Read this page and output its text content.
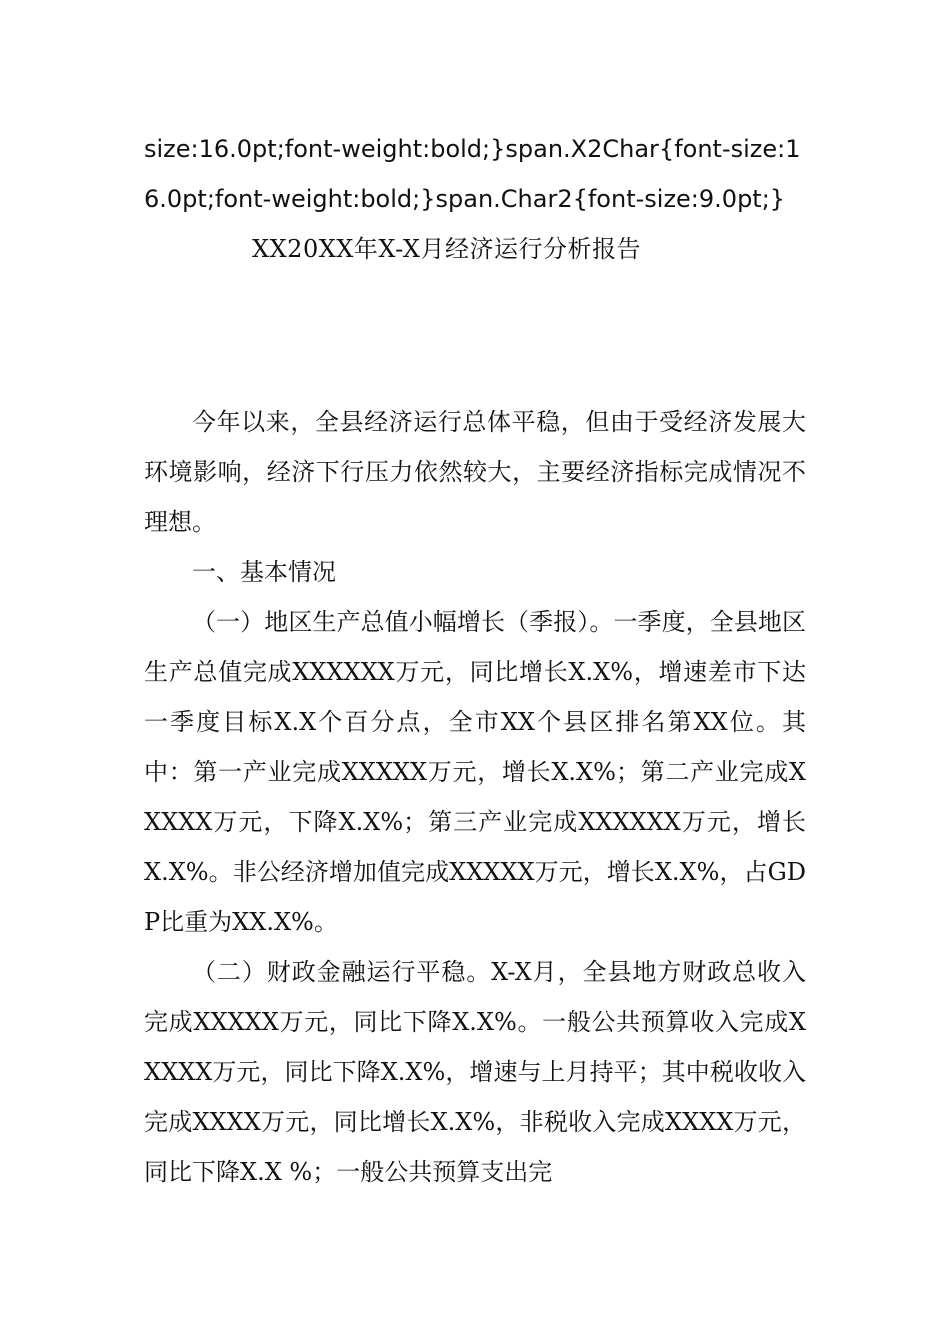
size:16.0pt;font-weight:bold;}span.X2Char{font-size:16.0pt;font-weight:bold;}span.Char2{font-size:9.0pt;}XX20XX年X-X月经济运行分析报告

今年以来，全县经济运行总体平稳，但由于受经济发展大环境影响，经济下行压力依然较大，主要经济指标完成情况不理想。

一、基本情况

（一）地区生产总值小幅增长（季报）。一季度，全县地区生产总值完成XXXXXX万元，同比增长X.X%，增速差市下达一季度目标X.X个百分点，全市XX个县区排名第XX位。其中：第一产业完成XXXXX万元，增长X.X%；第二产业完成XXXXX万元，下降X.X%；第三产业完成XXXXXX万元，增长X.X%。非公经济增加值完成XXXXX万元，增长X.X%，占GDP比重为XX.X%。

（二）财政金融运行平稳。X-X月，全县地方财政总收入完成XXXXX万元，同比下降X.X%。一般公共预算收入完成XXXXX万元，同比下降X.X%，增速与上月持平；其中税收收入完成XXXX万元，同比增长X.X%，非税收入完成XXXX万元，同比下降X.X %；一般公共预算支出完
